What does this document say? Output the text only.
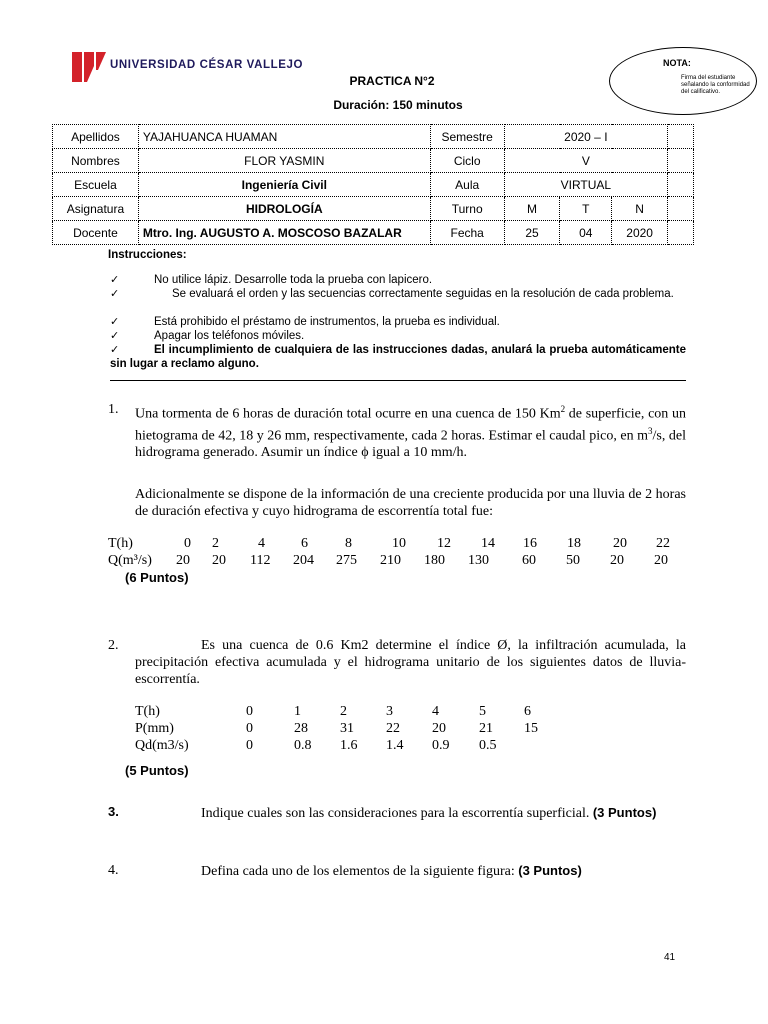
UNIVERSIDAD CÉSAR VALLEJO
PRACTICA N°2
Duración: 150 minutos
NOTA:
Firma del estudiante señalando la conformidad del calificativo.
Apellidos	YAJAHUANCA HUAMAN	Semestre	2020 – I			
Nombres	FLOR YASMIN	Ciclo	V			
Escuela	Ingeniería Civil	Aula	VIRTUAL			
Asignatura	HIDROLOGÍA	Turno	M	T	N	
Docente	Mtro. Ing. AUGUSTO A. MOSCOSO BAZALAR	Fecha	25	04	2020	
Instrucciones:
✓	No utilice lápiz. Desarrolle toda la prueba con lapicero.
✓	Se evaluará el orden y las secuencias correctamente seguidas en la resolución de cada problema.
✓	Está prohibido el préstamo de instrumentos, la prueba es individual.
✓	Apagar los teléfonos móviles.
✓	El incumplimiento de cualquiera de las instrucciones dadas, anulará la prueba automáticamente sin lugar a reclamo alguno.
1. Una tormenta de 6 horas de duración total ocurre en una cuenca de 150 Km$^2$ de superficie, con un hietograma de 42, 18 y 26 mm, respectivamente, cada 2 horas. Estimar el caudal pico, en $m^3/s$, del hidrograma generado. Asumir un índice ϕ igual a 10 mm/h.
Adicionalmente se dispone de la información de una creciente producida por una lluvia de 2 horas de duración efectiva y cuyo hidrograma de escorrentía total fue:
T(h)	0 2	4	6	8	10 12 14 16 18 20 22
Q(m³/s) 20 20 112 204 275 210 180 130 60 50 20 20
(6 Puntos)
2.	Es una cuenca de 0.6 Km2 determine el índice Ø, la infiltración acumulada, la precipitación efectiva acumulada y el hidrograma unitario de los siguientes datos de lluvia- escorrentía.
T(h)	0	1	2	3	4	5	6
P(mm)	0	28 31 22 20 21 15
Qd(m3/s)	0	0.8 1.6 1.4 0.9 0.5
(5 Puntos)
3.	Indique cuales son las consideraciones para la escorrentía superficial. (3 Puntos)
4.	Defina cada uno de los elementos de la siguiente figura: (3 Puntos)
41
